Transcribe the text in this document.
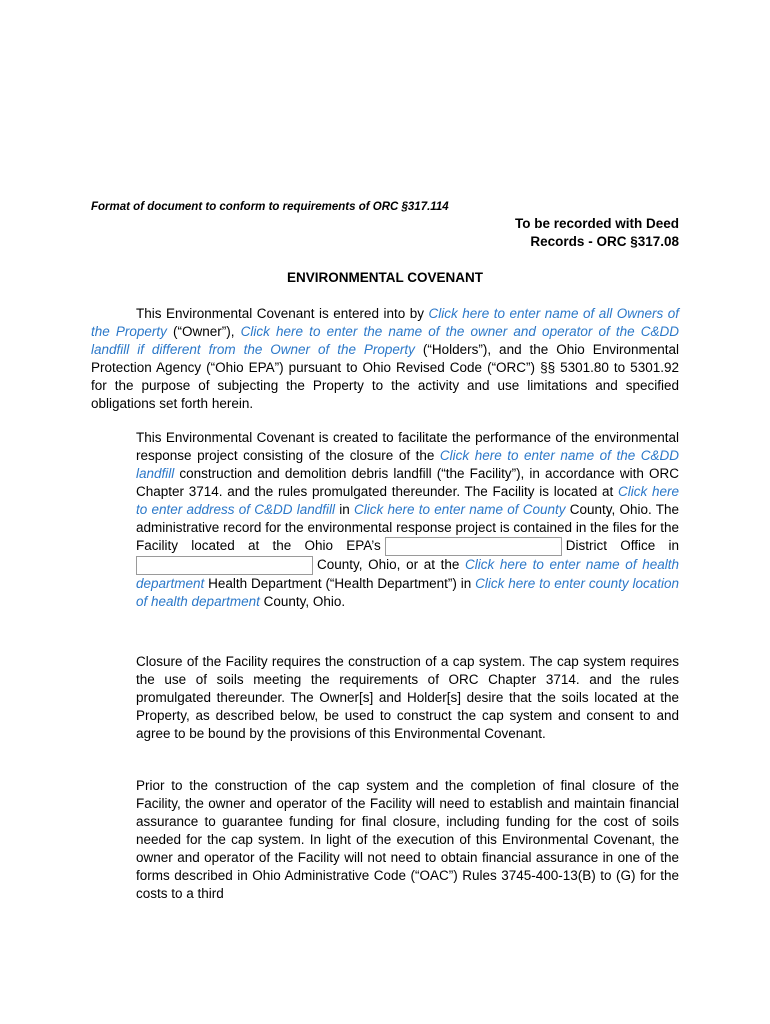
Format of document to conform to requirements of ORC §317.114
To be recorded with Deed
Records - ORC §317.08
ENVIRONMENTAL COVENANT

This Environmental Covenant is entered into by Click here to enter name of all Owners of the Property (“Owner”), Click here to enter the name of the owner and operator of the C&DD landfill if different from the Owner of the Property (“Holders”), and the Ohio Environmental Protection Agency (“Ohio EPA”) pursuant to Ohio Revised Code (“ORC”) §§ 5301.80 to 5301.92 for the purpose of subjecting the Property to the activity and use limitations and specified obligations set forth herein.

This Environmental Covenant is created to facilitate the performance of the environmental response project consisting of the closure of the Click here to enter name of the C&DD landfill construction and demolition debris landfill (“the Facility”), in accordance with ORC Chapter 3714. and the rules promulgated thereunder. The Facility is located at Click here to enter address of C&DD landfill in Click here to enter name of County County, Ohio. The administrative record for the environmental response project is contained in the files for the Facility located at the Ohio EPA’s	District Office in County, Ohio, or at the Click here to enter name of health department Health Department (“Health Department”) in Click here to enter county location of health department County, Ohio.

Closure of the Facility requires the construction of a cap system. The cap system requires the use of soils meeting the requirements of ORC Chapter 3714. and the rules promulgated thereunder. The Owner[s] and Holder[s] desire that the soils located at the Property, as described below, be used to construct the cap system and consent to and agree to be bound by the provisions of this Environmental Covenant.

Prior to the construction of the cap system and the completion of final closure of the Facility, the owner and operator of the Facility will need to establish and maintain financial assurance to guarantee funding for final closure, including funding for the cost of soils needed for the cap system. In light of the execution of this Environmental Covenant, the owner and operator of the Facility will not need to obtain financial assurance in one of the forms described in Ohio Administrative Code (“OAC”) Rules 3745-400-13(B) to (G) for the costs to a third
